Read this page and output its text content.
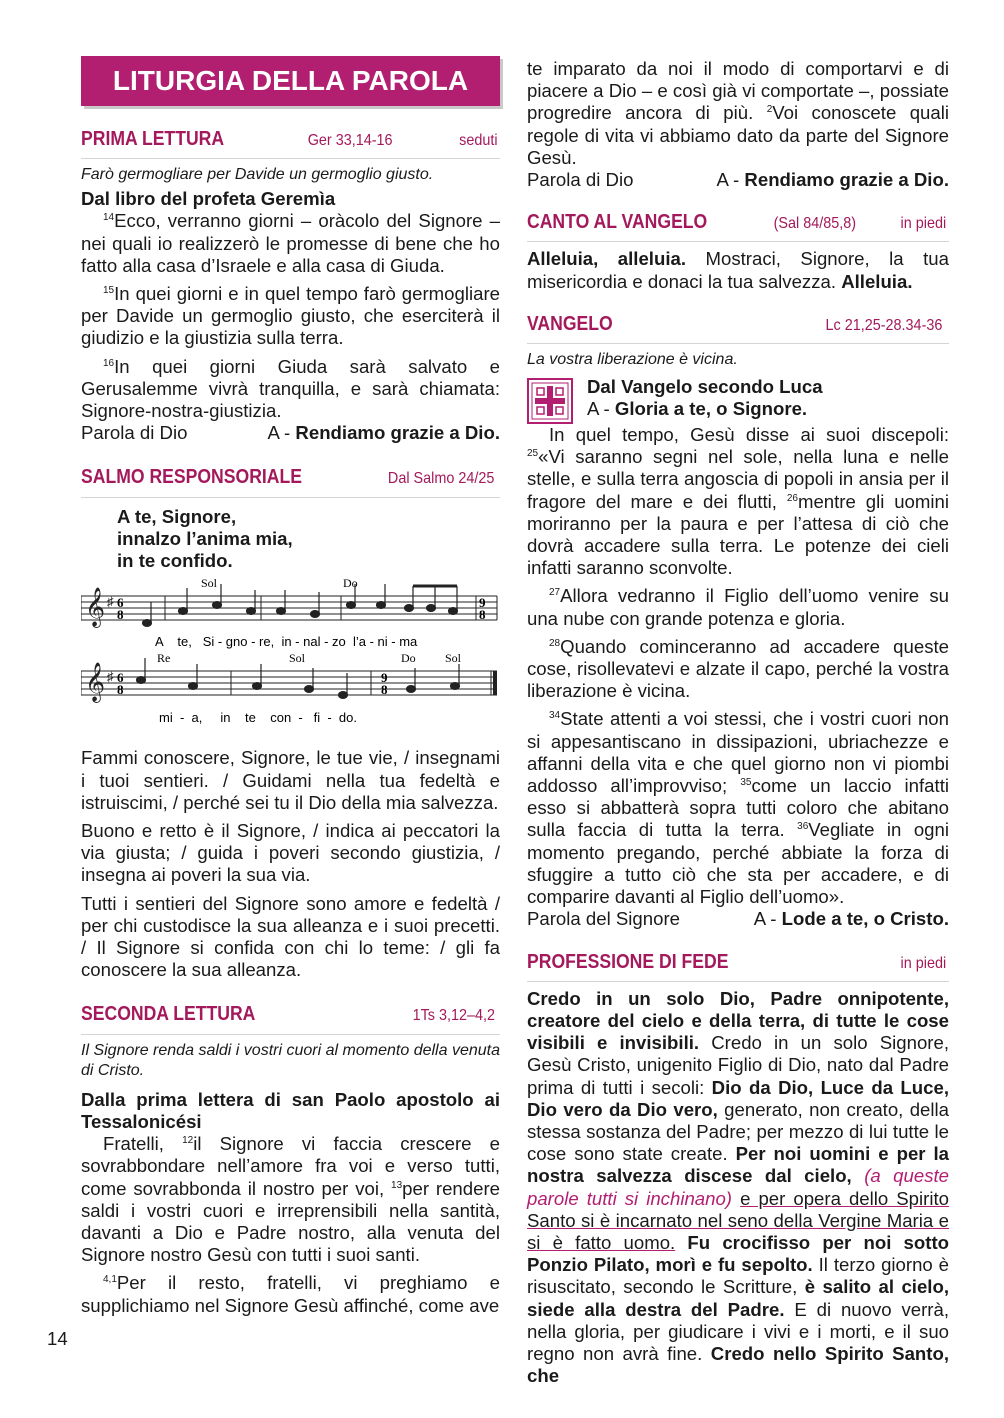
LITURGIA DELLA PAROLA
PRIMA LETTURA	Ger 33,14-16	seduti

Farò germogliare per Davide un germoglio giusto.

Dal libro del profeta Geremìa

$^{14}$Ecco, verranno giorni – oràcolo del Signore – nei quali io realizzerò le promesse di bene che ho fatto alla casa d’Israele e alla casa di Giuda.

$^{15}$In quei giorni e in quel tempo farò germogliare per Davide un germoglio giusto, che eserciterà il giudizio e la giustizia sulla terra.

$^{16}$In quei giorni Giuda sarà salvato e Gerusalemme vivrà tranquilla, e sarà chiamata: Signore-nostra-giustizia.

Parola di Dio	A - Rendiamo grazie a Dio.
SALMO RESPONSORIALE	Dal Salmo 24/25
A te, Signore,
innalzo l’anima mia,
in te confido.
𝄞
𝄞
♯
♯
6
8
6
8
9
8
9
8
Sol	Do
Re	Sol	Do Sol
A    te,   Si - gno - re,  in - nal - zo  l’a - ni - ma
mi  -  a,     in    te    con  -   fi  -  do.

Fammi conoscere, Signore, le tue vie, / insegnami i tuoi sentieri. / Guidami nella tua fedeltà e istruiscimi, / perché sei tu il Dio della mia salvezza.

Buono e retto è il Signore, / indica ai peccatori la via giusta; / guida i poveri secondo giustizia, / insegna ai poveri la sua via.

Tutti i sentieri del Signore sono amore e fedeltà / per chi custodisce la sua alleanza e i suoi precetti. / Il Signore si confida con chi lo teme: / gli fa conoscere la sua alleanza.

SECONDA LETTURA	1Ts 3,12–4,2

Il Signore renda saldi i vostri cuori al momento della venuta di Cristo.

Dalla prima lettera di san Paolo apostolo ai Tessalonicési

Fratelli, $^{12}$il Signore vi faccia crescere e sovrabbondare nell’amore fra voi e verso tutti, come sovrabbonda il nostro per voi, $^{13}$per rendere saldi i vostri cuori e irreprensibili nella santità, davanti a Dio e Padre nostro, alla venuta del Signore nostro Gesù con tutti i suoi santi.

$^{4,1}$Per il resto, fratelli, vi preghiamo e supplichiamo nel Signore Gesù affinché, come ave

14

te imparato da noi il modo di comportarvi e di piacere a Dio – e così già vi comportate –, possiate progredire ancora di più. $^2$Voi conoscete quali regole di vita vi abbiamo dato da parte del Signore Gesù.

Parola di Dio	A - Rendiamo grazie a Dio.
CANTO AL VANGELO	(Sal 84/85,8)	in piedi

Alleluia, alleluia. Mostraci, Signore, la tua misericordia e donaci la tua salvezza. Alleluia.

VANGELO	Lc 21,25-28.34-36

La vostra liberazione è vicina.

Dal Vangelo secondo Luca
A - Gloria a te, o Signore.

In quel tempo, Gesù disse ai suoi discepoli: $^{25}$«Vi saranno segni nel sole, nella luna e nelle stelle, e sulla terra angoscia di popoli in ansia per il fragore del mare e dei flutti, $^{26}$mentre gli uomini moriranno per la paura e per l’attesa di ciò che dovrà accadere sulla terra. Le potenze dei cieli infatti saranno sconvolte.

$^{27}$Allora vedranno il Figlio dell’uomo venire su una nube con grande potenza e gloria.

$^{28}$Quando cominceranno ad accadere queste cose, risollevatevi e alzate il capo, perché la vostra liberazione è vicina.

$^{34}$State attenti a voi stessi, che i vostri cuori non si appesantiscano in dissipazioni, ubriachezze e affanni della vita e che quel giorno non vi piombi addosso all’improvviso; $^{35}$come un laccio infatti esso si abbatterà sopra tutti coloro che abitano sulla faccia di tutta la terra. $^{36}$Vegliate in ogni momento pregando, perché abbiate la forza di sfuggire a tutto ciò che sta per accadere, e di comparire davanti al Figlio dell’uomo».

Parola del Signore	A - Lode a te, o Cristo.
PROFESSIONE DI FEDE	in piedi

Credo in un solo Dio, Padre onnipotente, creatore del cielo e della terra, di tutte le cose visibili e invisibili. Credo in un solo Signore, Gesù Cristo, unigenito Figlio di Dio, nato dal Padre prima di tutti i secoli: Dio da Dio, Luce da Luce, Dio vero da Dio vero, generato, non creato, della stessa sostanza del Padre; per mezzo di lui tutte le cose sono state create. Per noi uomini e per la nostra salvezza discese dal cielo, (a queste parole tutti si inchinano) e per opera dello Spirito Santo si è incarnato nel seno della Vergine Maria e si è fatto uomo. Fu crocifisso per noi sotto Ponzio Pilato, morì e fu sepolto. Il terzo giorno è risuscitato, secondo le Scritture, è salito al cielo, siede alla destra del Padre. E di nuovo verrà, nella gloria, per giudicare i vivi e i morti, e il suo regno non avrà fine. Credo nello Spirito Santo, che
